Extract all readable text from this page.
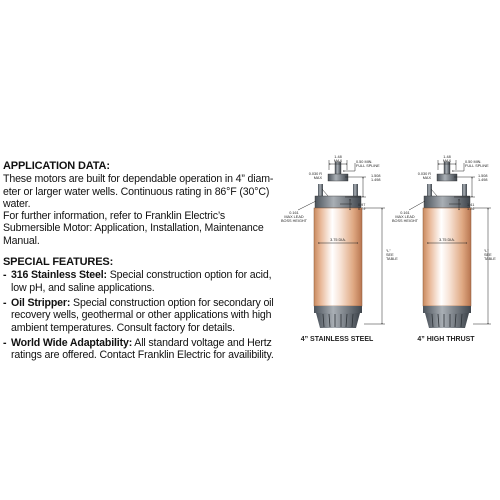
APPLICATION DATA:

These motors are built for dependable operation in 4” diam-eter or larger water wells. Continuous rating in 86°F (30°C) water.

For further information, refer to Franklin Electric’s Submersible Motor: Application, Installation, Maintenance Manual.

SPECIAL FEATURES:
- 316 Stainless Steel: Special construction option for acid, low pH, and saline applications.
- Oil Stripper: Special construction option for secondary oil recovery wells, geothermal or other applications with high ambient temperatures. Consult factory for details.
- World Wide Adaptability: All standard voltage and Hertz ratings are offered. Contact Franklin Electric for availibility.
1.48
MAX
0.030 R
MAX
0.50 MIN.
FULL SPLINE
1.508
1.498
0.97
0.79
0.161
MAX LEAD
BOSS HEIGHT
3.75 DIA.
“L”
SEE
TABLE
4” STAINLESS STEEL
1.48
MAX
0.030 R
MAX
0.50 MIN.
FULL SPLINE
1.508
1.498
1.41
1.26
0.161
MAX LEAD
BOSS HEIGHT
3.75 DIA.
“L”
SEE
TABLE
4” HIGH THRUST
